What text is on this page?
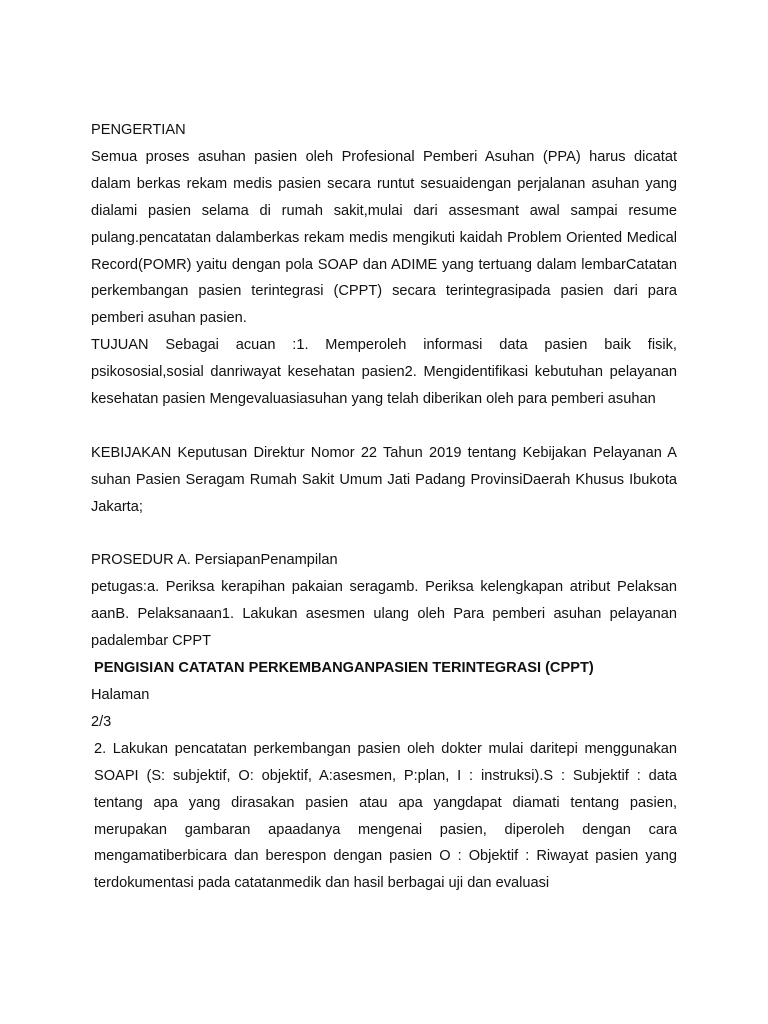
PENGERTIAN

Semua proses asuhan pasien oleh Profesional Pemberi Asuhan (PPA) harus dicatat dalam berkas rekam medis pasien secara runtut sesuaidengan perjalanan asuhan yang dialami pasien selama di rumah sakit,mulai dari assesmant awal sampai resume pulang.pencatatan dalamberkas rekam medis mengikuti kaidah Problem Oriented Medical Record(POMR) yaitu dengan pola SOAP dan ADIME yang tertuang dalam lembarCatatan perkembangan pasien terintegrasi (CPPT) secara terintegrasipada pasien dari para pemberi asuhan pasien.

TUJUAN Sebagai acuan :1. Memperoleh informasi data pasien baik fisik, psikososial,sosial danriwayat kesehatan pasien2. Mengidentifikasi kebutuhan pelayanan kesehatan pasien Mengevaluasiasuhan yang telah diberikan oleh para pemberi asuhan

KEBIJAKAN Keputusan Direktur Nomor 22 Tahun 2019 tentang Kebijakan Pelayanan A suhan Pasien Seragam Rumah Sakit Umum Jati Padang ProvinsiDaerah Khusus Ibukota Jakarta;

PROSEDUR A. PersiapanPenampilan

petugas:a. Periksa kerapihan pakaian seragamb. Periksa kelengkapan atribut Pelaksan aanB. Pelaksanaan1. Lakukan asesmen ulang oleh Para pemberi asuhan pelayanan padalembar CPPT

PENGISIAN CATATAN PERKEMBANGANPASIEN TERINTEGRASI (CPPT)

Halaman

2/3

2. Lakukan pencatatan perkembangan pasien oleh dokter mulai daritepi menggunakan SOAPI (S: subjektif, O: objektif, A:asesmen, P:plan, I : instruksi).S : Subjektif : data tentang apa yang dirasakan pasien atau apa yangdapat diamati tentang pasien, merupakan gambaran apaadanya mengenai pasien, diperoleh dengan cara mengamatiberbicara dan berespon dengan pasien O : Objektif : Riwayat pasien yang terdokumentasi pada catatanmedik dan hasil berbagai uji dan evaluasi
